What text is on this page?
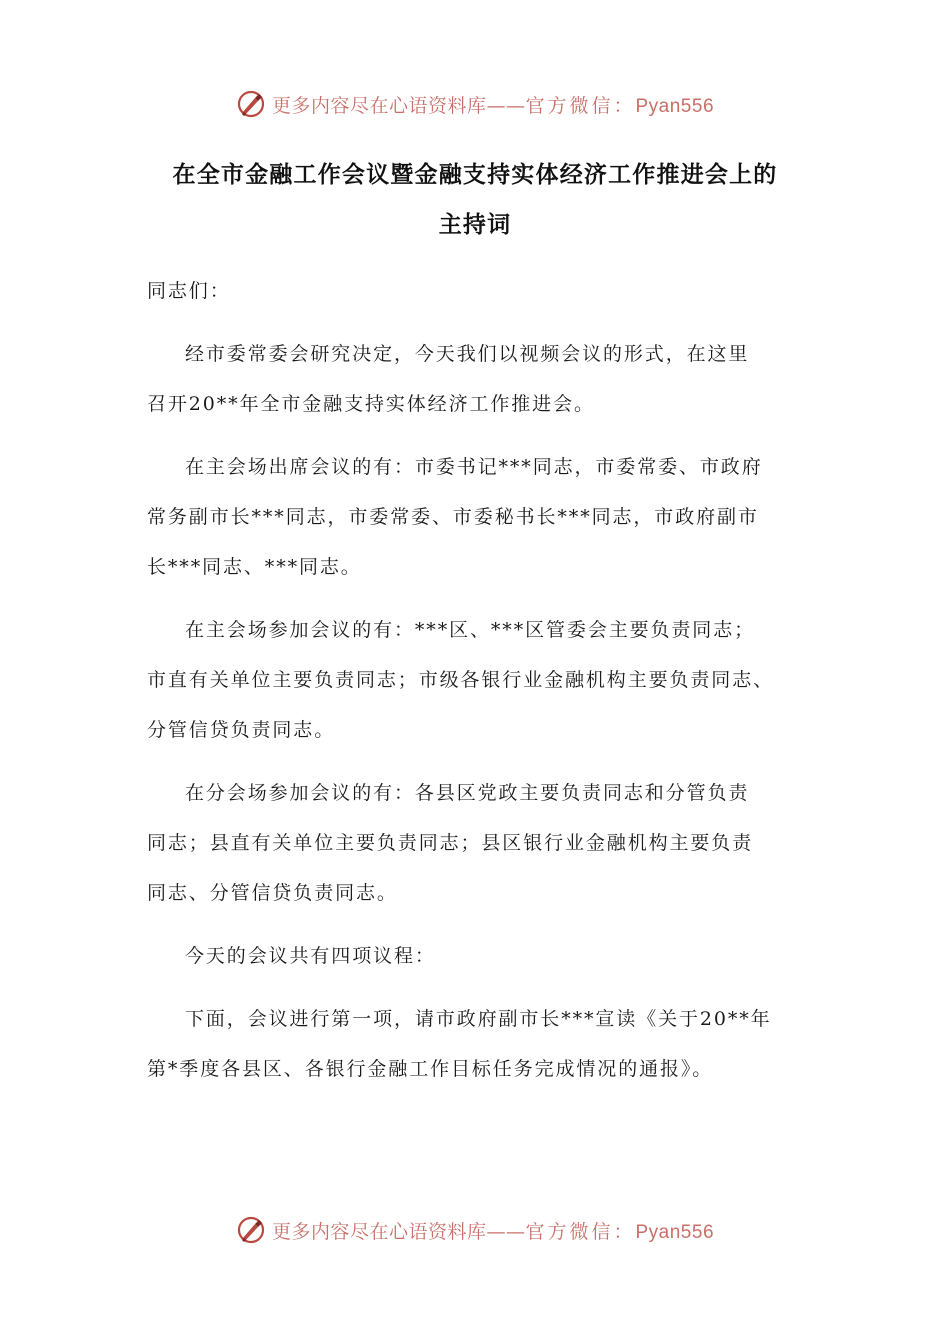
更多内容尽在心语资料库——官方微信：Pyan556
在全市金融工作会议暨金融支持实体经济工作推进会上的
主持词
同志们：
经市委常委会研究决定，今天我们以视频会议的形式，在这里
召开20**年全市金融支持实体经济工作推进会。
在主会场出席会议的有：市委书记***同志，市委常委、市政府
常务副市长***同志，市委常委、市委秘书长***同志，市政府副市
长***同志、***同志。
在主会场参加会议的有：***区、***区管委会主要负责同志；
市直有关单位主要负责同志；市级各银行业金融机构主要负责同志、
分管信贷负责同志。
在分会场参加会议的有：各县区党政主要负责同志和分管负责
同志；县直有关单位主要负责同志；县区银行业金融机构主要负责
同志、分管信贷负责同志。
今天的会议共有四项议程：
下面，会议进行第一项，请市政府副市长***宣读《关于20**年
第*季度各县区、各银行金融工作目标任务完成情况的通报》。
更多内容尽在心语资料库——官方微信：Pyan556
